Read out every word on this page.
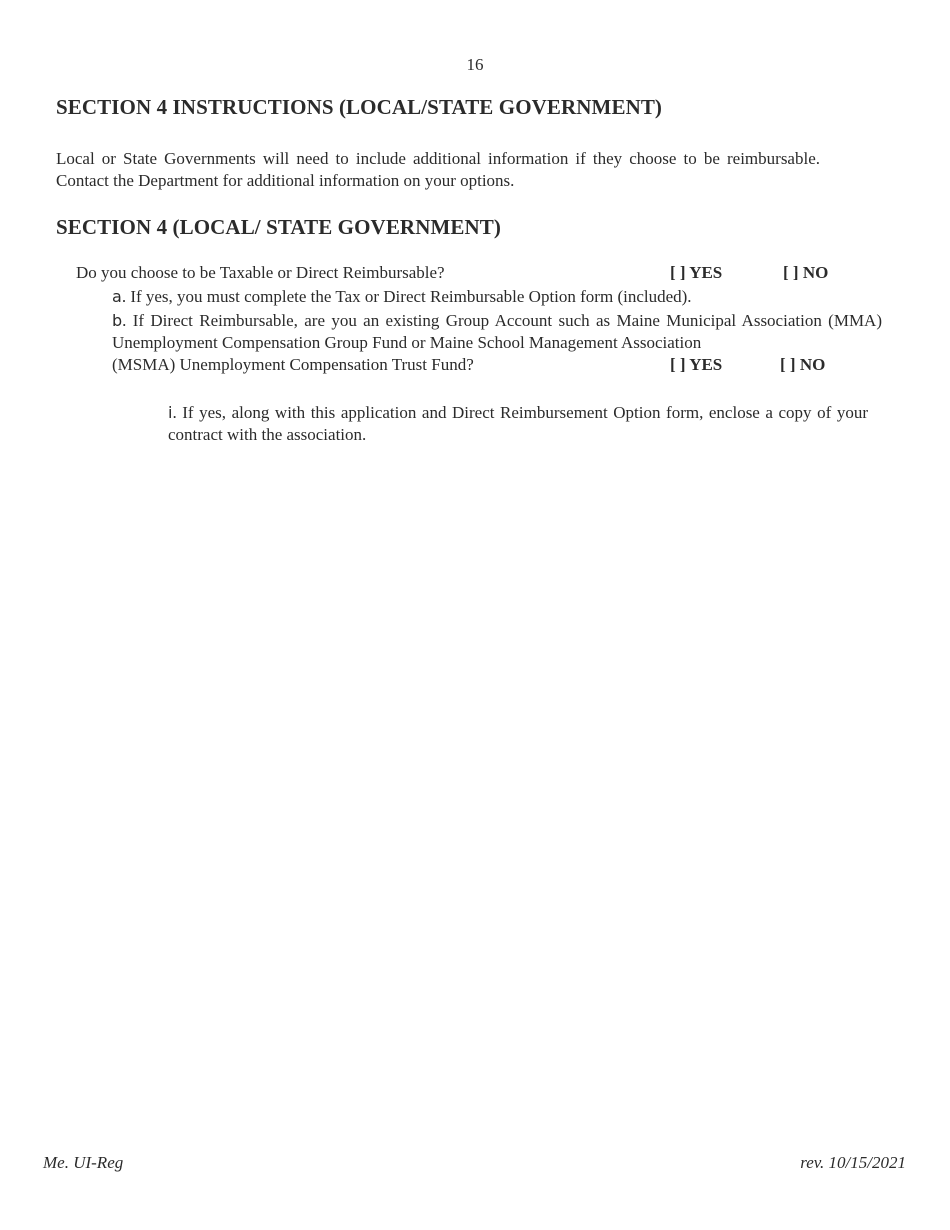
16
SECTION 4 INSTRUCTIONS (LOCAL/STATE GOVERNMENT)

Local or State Governments will need to include additional information if they choose to be reimbursable. Contact the Department for additional information on your options.

SECTION 4 (LOCAL/ STATE GOVERNMENT)
Do you choose to be Taxable or Direct Reimbursable?	[ ] YES	[ ] NO
a. If yes, you must complete the Tax or Direct Reimbursable Option form (included).
b. If Direct Reimbursable, are you an existing Group Account such as Maine Municipal Association (MMA) Unemployment Compensation Group Fund or Maine School Management Association
(MSMA) Unemployment Compensation Trust Fund?	[ ] YES	[ ] NO
i. If yes, along with this application and Direct Reimbursement Option form, enclose a copy of your contract with the association.
Me. UI-Reg	rev. 10/15/2021
